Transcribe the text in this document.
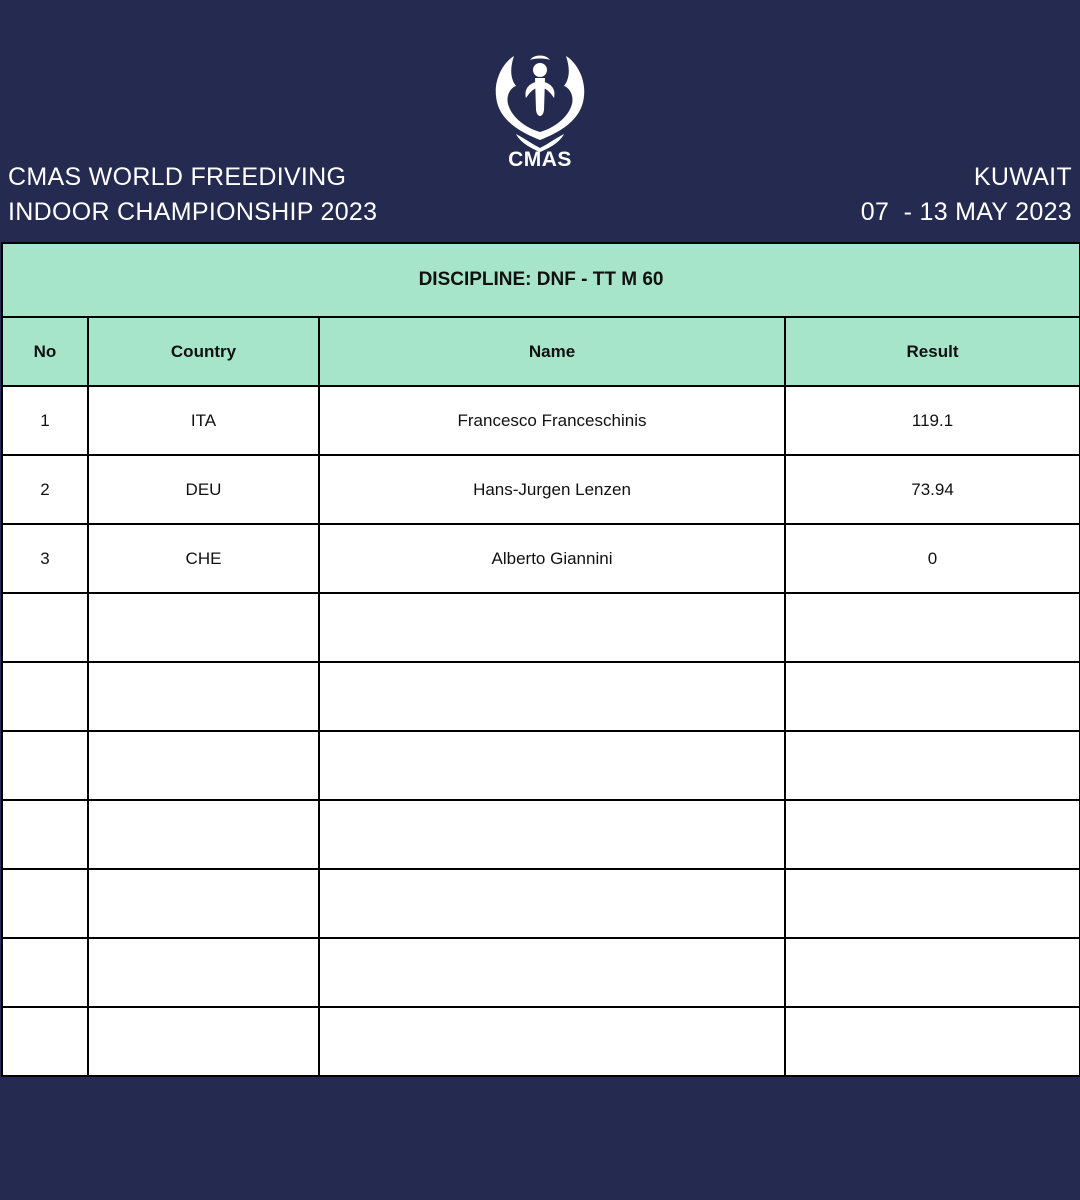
CMAS WORLD FREEDIVING
INDOOR CHAMPIONSHIP 2023
CMAS
KUWAIT
07  - 13 MAY 2023
DISCIPLINE: DNF - TT M 60			
No	Country	Name	Result
1	ITA	Francesco Franceschinis	119.1
2	DEU	Hans-Jurgen Lenzen	73.94
3	CHE	Alberto Giannini	0
